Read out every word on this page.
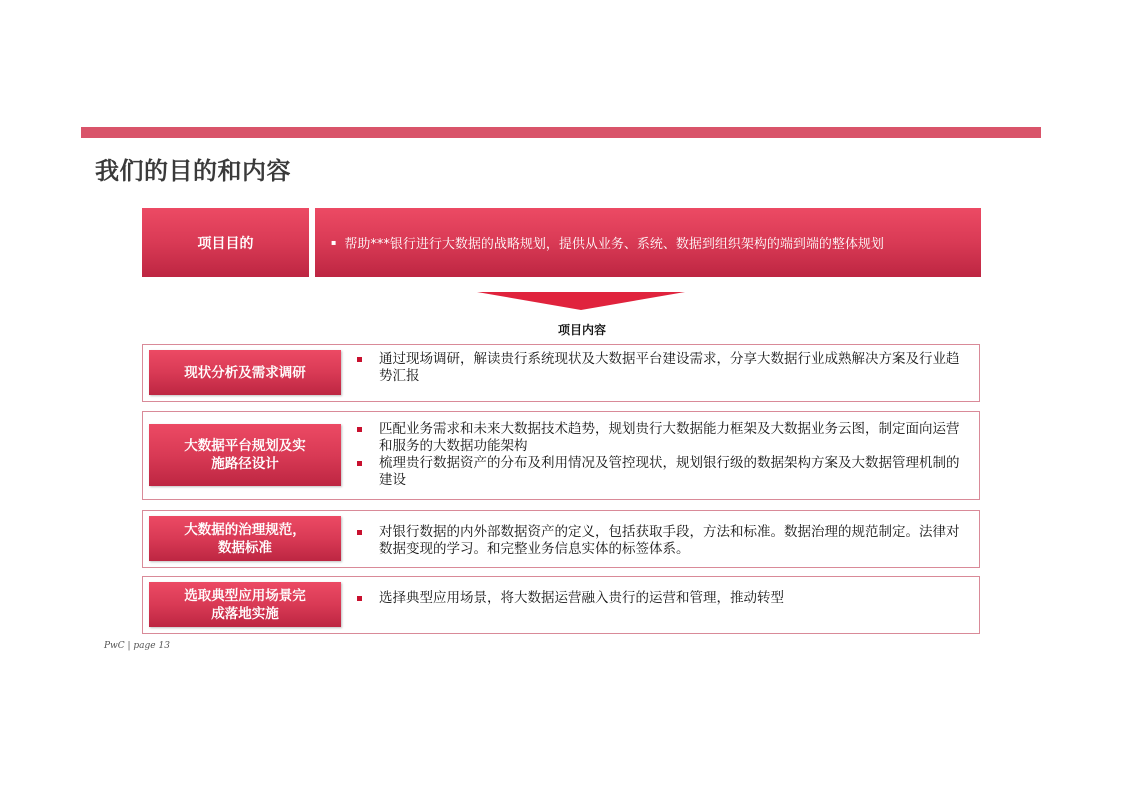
我们的目的和内容
项目目的	▪ 帮助***银行进行大数据的战略规划，提供从业务、系统、数据到组织架构的端到端的整体规划
项目内容
现状分析及需求调研
通过现场调研，解读贵行系统现状及大数据平台建设需求，分享大数据行业成熟解决方案及行业趋势汇报
大数据平台规划及实施路径设计
匹配业务需求和未来大数据技术趋势，规划贵行大数据能力框架及大数据业务云图，制定面向运营和服务的大数据功能架构
梳理贵行数据资产的分布及利用情况及管控现状，规划银行级的数据架构方案及大数据管理机制的建设
大数据的治理规范，数据标准
对银行数据的内外部数据资产的定义，包括获取手段，方法和标准。数据治理的规范制定。法律对数据变现的学习。和完整业务信息实体的标签体系。
选取典型应用场景完成落地实施
选择典型应用场景，将大数据运营融入贵行的运营和管理，推动转型
PwC | page 13
